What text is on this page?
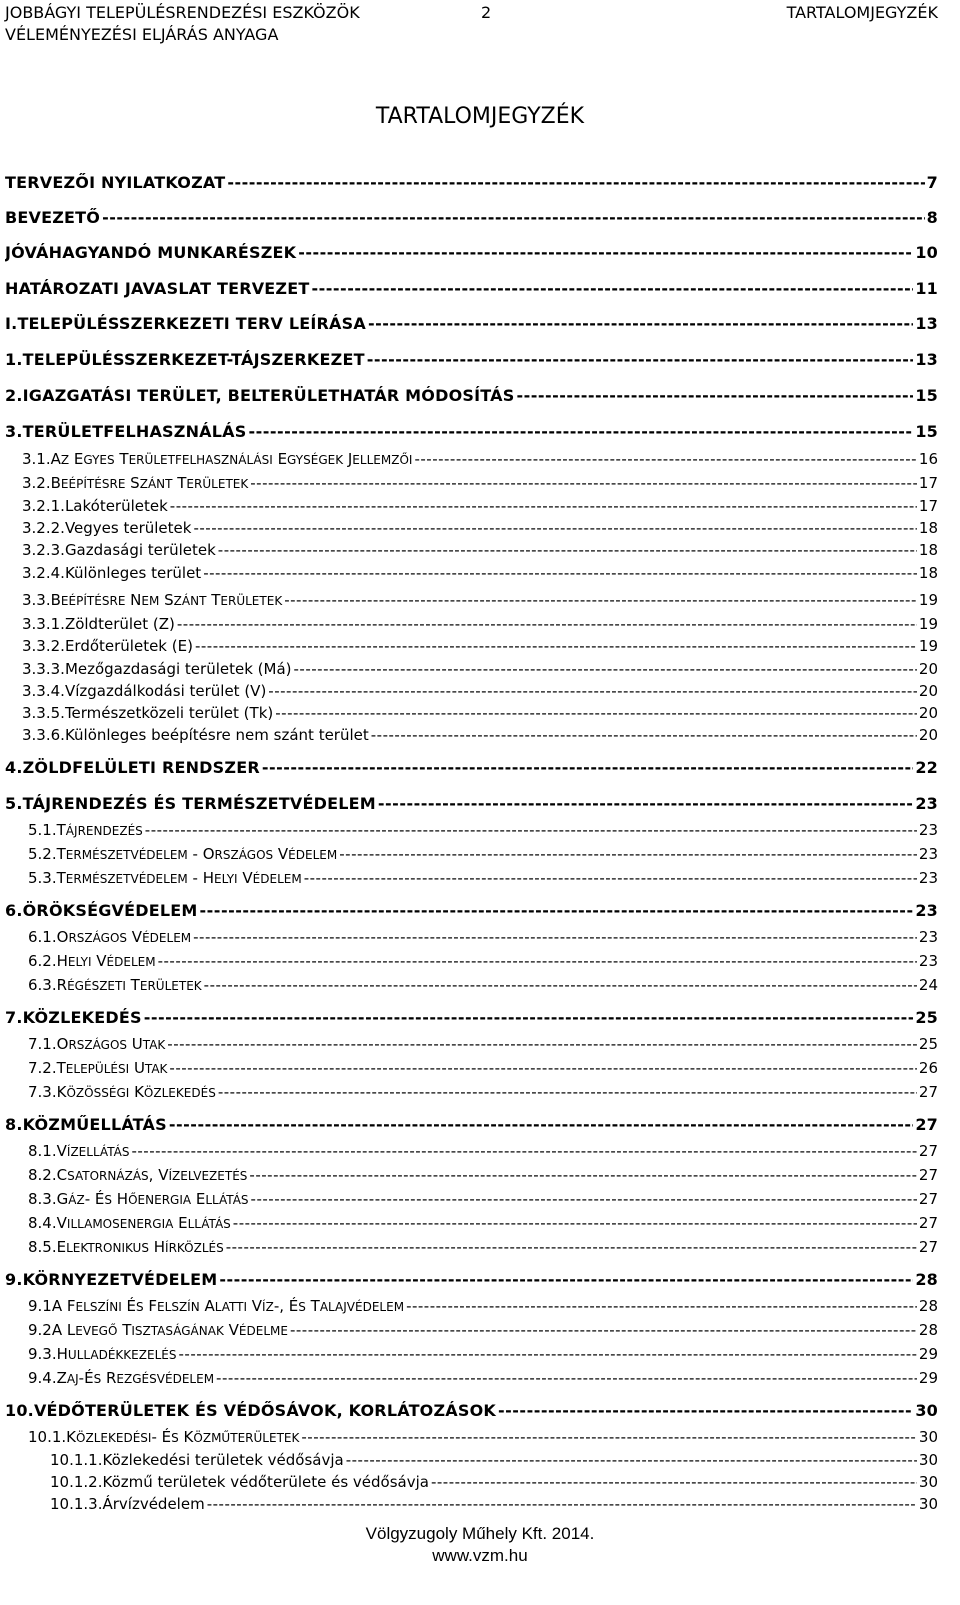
JOBBÁGYI TELEPÜLÉSRENDEZÉSI ESZKÖZÖK	2	TARTALOMJEGYZÉK
VÉLEMÉNYEZÉSI ELJÁRÁS ANYAGA
TARTALOMJEGYZÉK
TERVEZŐI NYILATKOZAT -----	7
BEVEZETŐ -----	8
JÓVÁHAGYANDÓ MUNKARÉSZEK -----	10
HATÁROZATI JAVASLAT TERVEZET -----	11
I. TELEPÜLÉSSZERKEZETI TERV LEÍRÁSA -----	13
1. TELEPÜLÉSSZERKEZET-TÁJSZERKEZET -----	13
2. IGAZGATÁSI TERÜLET, BELTERÜLETHATÁR MÓDOSÍTÁS -----	15
3. TERÜLETFELHASZNÁLÁS -----	15
3.1. AZ EGYES TERÜLETFELHASZNÁLÁSI EGYSÉGEK JELLEMZŐI -----	16
3.2. BEÉPÍTÉSRE SZÁNT TERÜLETEK -----	17
3.2.1. Lakóterületek -----	17
3.2.2. Vegyes területek -----	18
3.2.3. Gazdasági területek -----	18
3.2.4. Különleges terület -----	18
3.3. BEÉPÍTÉSRE NEM SZÁNT TERÜLETEK -----	19
3.3.1. Zöldterület (Z) -----	19
3.3.2. Erdőterületek (E) -----	19
3.3.3. Mezőgazdasági területek (Má) -----	20
3.3.4. Vízgazdálkodási terület (V) -----	20
3.3.5. Természetközeli terület (Tk) -----	20
3.3.6. Különleges beépítésre nem szánt terület -----	20
4. ZÖLDFELÜLETI RENDSZER -----	22
5. TÁJRENDEZÉS ÉS TERMÉSZETVÉDELEM -----	23
5.1. TÁJRENDEZÉS -----	23
5.2. TERMÉSZETVÉDELEM - ORSZÁGOS VÉDELEM -----	23
5.3. TERMÉSZETVÉDELEM - HELYI VÉDELEM -----	23
6. ÖRÖKSÉGVÉDELEM -----	23
6.1. ORSZÁGOS VÉDELEM -----	23
6.2. HELYI VÉDELEM -----	23
6.3. RÉGÉSZETI TERÜLETEK -----	24
7. KÖZLEKEDÉS -----	25
7.1. ORSZÁGOS UTAK -----	25
7.2. TELEPÜLÉSI UTAK -----	26
7.3. KÖZÖSSÉGI KÖZLEKEDÉS -----	27
8. KÖZMŰELLÁTÁS -----	27
8.1. VÍZELLÁTÁS -----	27
8.2. CSATORNÁZÁS, VÍZELVEZETÉS -----	27
8.3. GÁZ- ÉS HŐENERGIA ELLÁTÁS -----	27
8.4. VILLAMOSENERGIA ELLÁTÁS -----	27
8.5. ELEKTRONIKUS HÍRKÖZLÉS -----	27
9. KÖRNYEZETVÉDELEM -----	28
9.1 A FELSZÍNI ÉS FELSZÍN ALATTI VÍZ-, ÉS TALAJVÉDELEM -----	28
9.2 A LEVEGŐ TISZTASÁGÁNAK VÉDELME -----	28
9.3. HULLADÉKKEZELÉS -----	29
9.4. ZAJ-ÉS REZGÉSVÉDELEM -----	29
10. VÉDŐTERÜLETEK ÉS VÉDŐSÁVOK, KORLÁTOZÁSOK -----	30
10.1. KÖZLEKEDÉSI- ÉS KÖZMŰTERÜLETEK -----	30
10.1.1. Közlekedési területek védősávja -----	30
10.1.2. Közmű területek védőterülete és védősávja -----	30
10.1.3. Árvízvédelem -----	30
Völgyzugoly Műhely Kft. 2014.
www.vzm.hu
